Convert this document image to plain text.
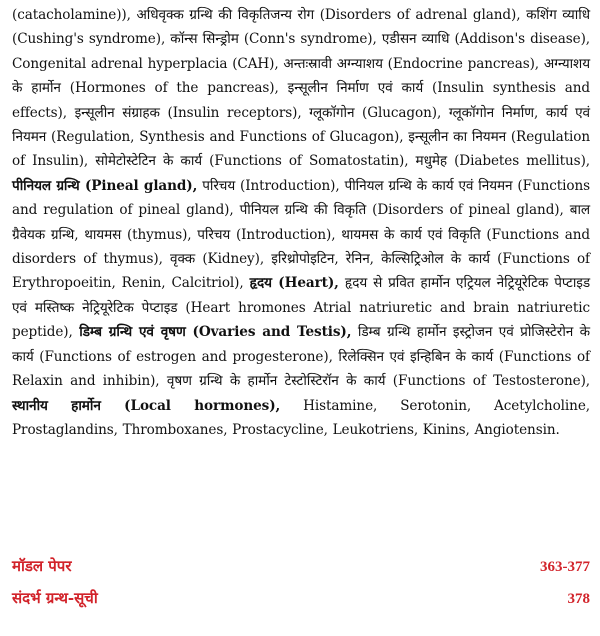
(catacholamine)), अधिवृक्क ग्रन्थि की विकृतिजन्य रोग (Disorders of adrenal gland), कशिंग व्याधि (Cushing's syndrome), कॉन्स सिन्ड्रोम (Conn's syndrome), एडीसन व्याधि (Addison's disease), Congenital adrenal hyperplacia (CAH), अन्तःस्रावी अग्न्याशय (Endocrine pancreas), अग्न्याशय के हार्मोन (Hormones of the pancreas), इन्सूलीन निर्माण एवं कार्य (Insulin synthesis and effects), इन्सूलीन संग्राहक (Insulin receptors), ग्लूकॉगोन (Glucagon), ग्लूकॉगोन निर्माण, कार्य एवं नियमन (Regulation, Synthesis and Functions of Glucagon), इन्सूलीन का नियमन (Regulation of Insulin), सोमेटोस्टेटिन के कार्य (Functions of Somatostatin), मधुमेह (Diabetes mellitus), पीनियल ग्रन्थि (Pineal gland), परिचय (Introduction), पीनियल ग्रन्थि के कार्य एवं नियमन (Functions and regulation of pineal gland), पीनियल ग्रन्थि की विकृति (Disorders of pineal gland), बाल ग्रैवेयक ग्रन्थि, थायमस (thymus), परिचय (Introduction), थायमस के कार्य एवं विकृति (Functions and disorders of thymus), वृक्क (Kidney), इरिथ्रोपोइटिन, रेनिन, केल्सिट्रिओल के कार्य (Functions of Erythropoeitin, Renin, Calcitriol), हृदय (Heart), हृदय से प्रवित हार्मोन एट्रियल नेट्रियूरेटिक पेप्टाइड एवं मस्तिष्क नेट्रियूरेटिक पेप्टाइड (Heart hromones Atrial natriuretic and brain natriuretic peptide), डिम्ब ग्रन्थि एवं वृषण (Ovaries and Testis), डिम्ब ग्रन्थि हार्मोन इस्ट्रोजन एवं प्रोजिस्टेरोन के कार्य (Functions of estrogen and progesterone), रिलेक्सिन एवं इन्हिबिन के कार्य (Functions of Relaxin and inhibin), वृषण ग्रन्थि के हार्मोन टेस्टोस्टिरॉन के कार्य (Functions of Testosterone), स्थानीय हार्मोन (Local hormones), Histamine, Serotonin, Acetylcholine, Prostaglandins, Thromboxanes, Prostacycline, Leukotriens, Kinins, Angiotensin.
मॉडल पेपर	363-377
संदर्भ ग्रन्थ-सूची	378
